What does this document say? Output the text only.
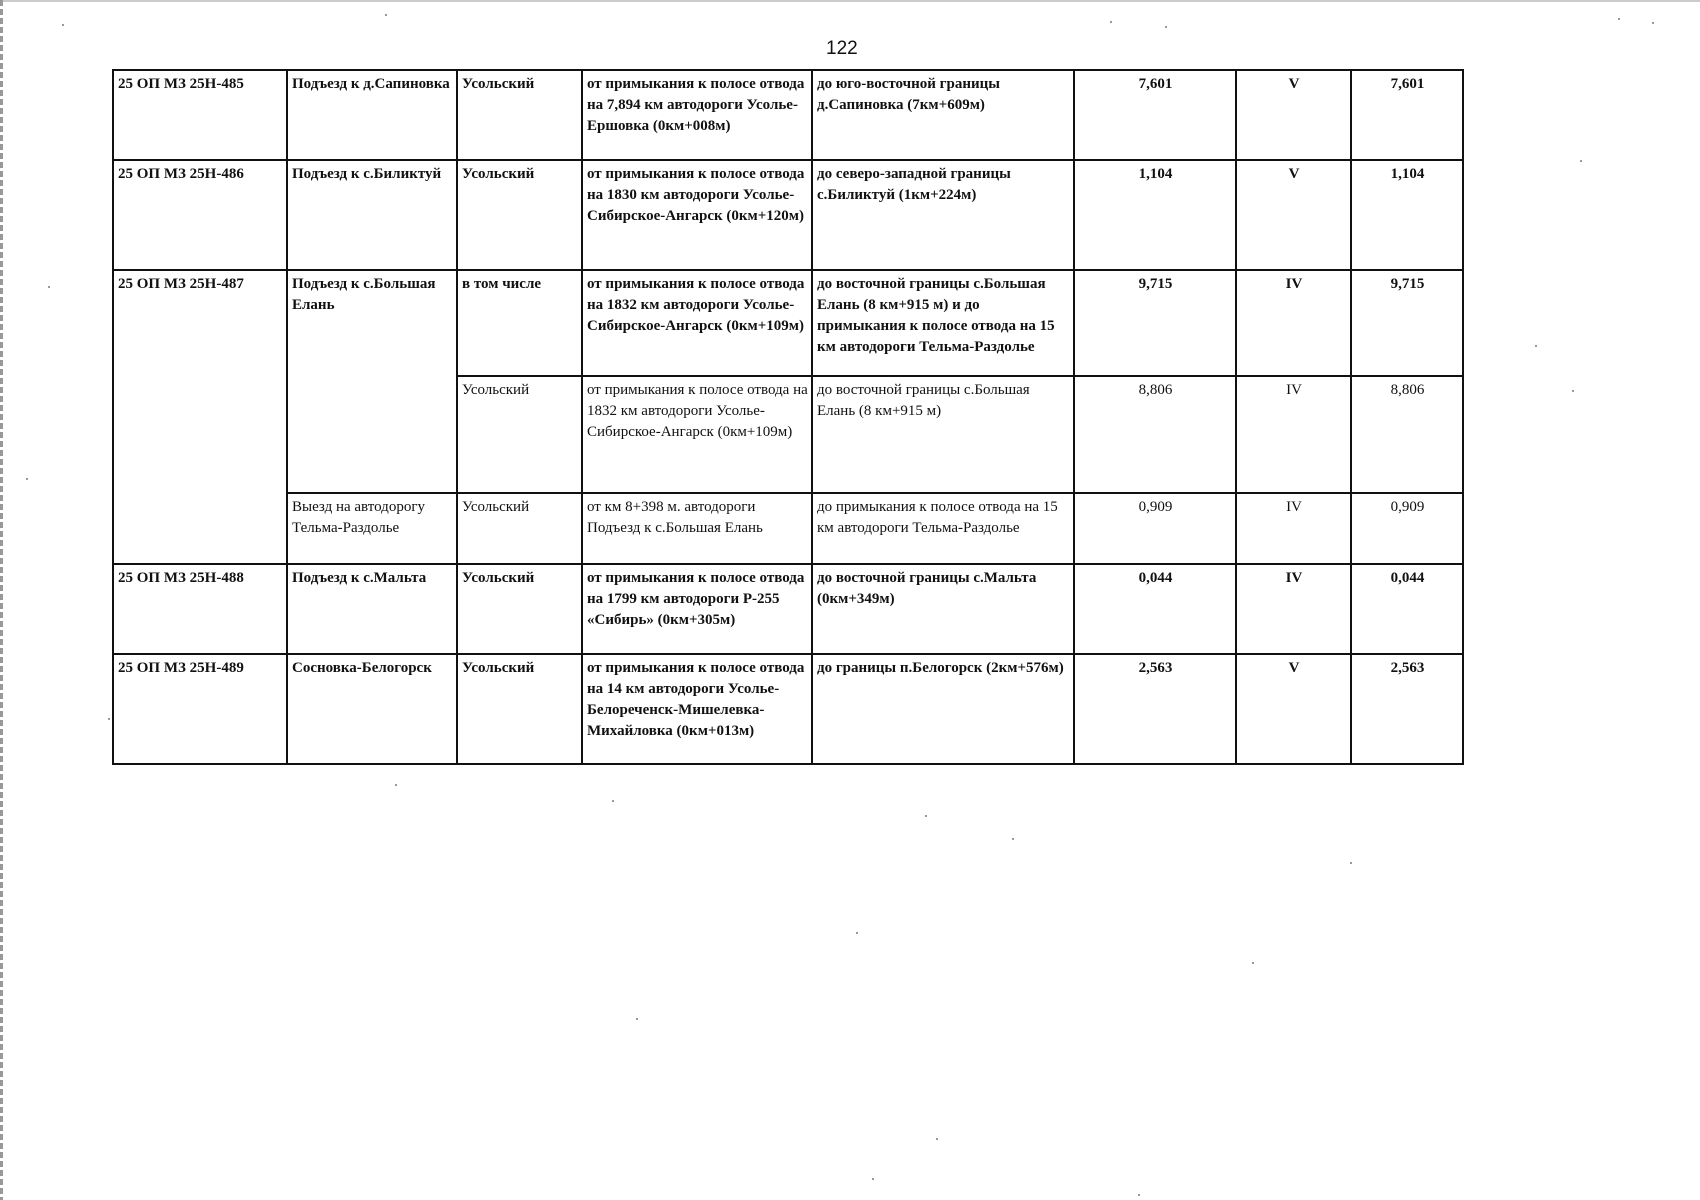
122
25 ОП МЗ 25Н-485	Подъезд к д.Сапиновка	Усольский	от примыкания к полосе отвода на 7,894 км автодороги Усолье-Ершовка (0км+008м)	до юго-восточной границы д.Сапиновка (7км+609м)	7,601	V	7,601
25 ОП МЗ 25Н-486	Подъезд к с.Биликтуй	Усольский	от примыкания к полосе отвода на 1830 км автодороги Усолье-Сибирское-Ангарск (0км+120м)	до северо-западной границы с.Биликтуй (1км+224м)	1,104	V	1,104
25 ОП МЗ 25Н-487	Подъезд к с.Большая Елань	в том числе	от примыкания к полосе отвода на 1832 км автодороги Усолье-Сибирское-Ангарск (0км+109м)	до восточной границы с.Большая Елань (8 км+915 м) и до примыкания к полосе отвода на 15 км автодороги Тельма-Раздолье	9,715	IV	9,715
		Усольский	от примыкания к полосе отвода на 1832 км автодороги Усолье-Сибирское-Ангарск (0км+109м)	до восточной границы с.Большая Елань (8 км+915 м)	8,806	IV	8,806
	Выезд на автодорогу Тельма-Раздолье	Усольский	от км 8+398 м. автодороги Подъезд к с.Большая Елань	до примыкания к полосе отвода на 15 км автодороги Тельма-Раздолье	0,909	IV	0,909
25 ОП МЗ 25Н-488	Подъезд к с.Мальта	Усольский	от примыкания к полосе отвода на 1799 км автодороги Р-255 «Сибирь» (0км+305м)	до восточной границы с.Мальта (0км+349м)	0,044	IV	0,044
25 ОП МЗ 25Н-489	Сосновка-Белогорск	Усольский	от примыкания к полосе отвода на 14 км автодороги Усолье-Белореченск-Мишелевка-Михайловка (0км+013м)	до границы п.Белогорск (2км+576м)	2,563	V	2,563
